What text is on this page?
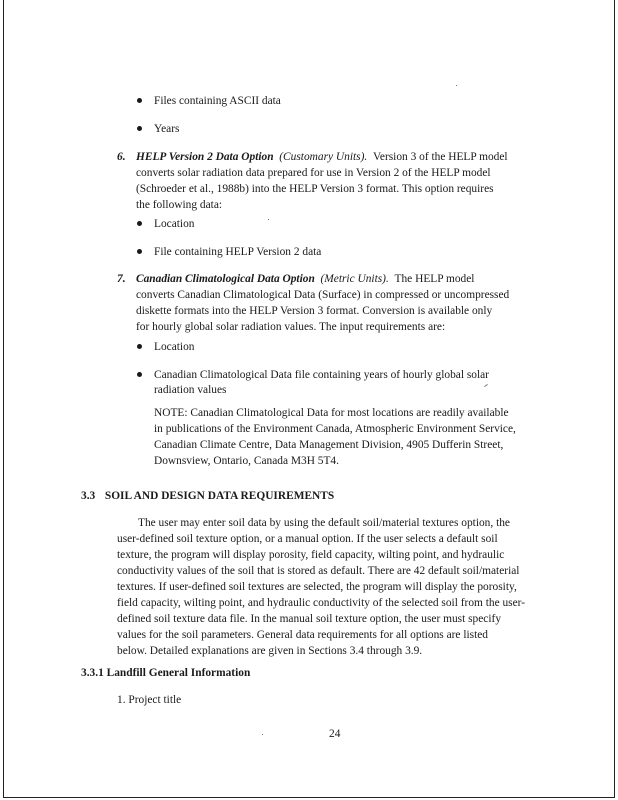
Files containing ASCII data
Years
6. HELP Version 2 Data Option (Customary Units). Version 3 of the HELP model
converts solar radiation data prepared for use in Version 2 of the HELP model
(Schroeder et al., 1988b) into the HELP Version 3 format. This option requires
the following data:
Location
File containing HELP Version 2 data
7. Canadian Climatological Data Option (Metric Units). The HELP model
converts Canadian Climatological Data (Surface) in compressed or uncompressed
diskette formats into the HELP Version 3 format. Conversion is available only
for hourly global solar radiation values. The input requirements are:
Location
Canadian Climatological Data file containing years of hourly global solar
radiation values
NOTE: Canadian Climatological Data for most locations are readily available
in publications of the Environment Canada, Atmospheric Environment Service,
Canadian Climate Centre, Data Management Division, 4905 Dufferin Street,
Downsview, Ontario, Canada M3H 5T4.
3.3 SOIL AND DESIGN DATA REQUIREMENTS
The user may enter soil data by using the default soil/material textures option, the
user-defined soil texture option, or a manual option. If the user selects a default soil
texture, the program will display porosity, field capacity, wilting point, and hydraulic
conductivity values of the soil that is stored as default. There are 42 default soil/material
textures. If user-defined soil textures are selected, the program will display the porosity,
field capacity, wilting point, and hydraulic conductivity of the selected soil from the user-
defined soil texture data file. In the manual soil texture option, the user must specify
values for the soil parameters. General data requirements for all options are listed
below. Detailed explanations are given in Sections 3.4 through 3.9.
3.3.1 Landfill General Information
1. Project title
24
